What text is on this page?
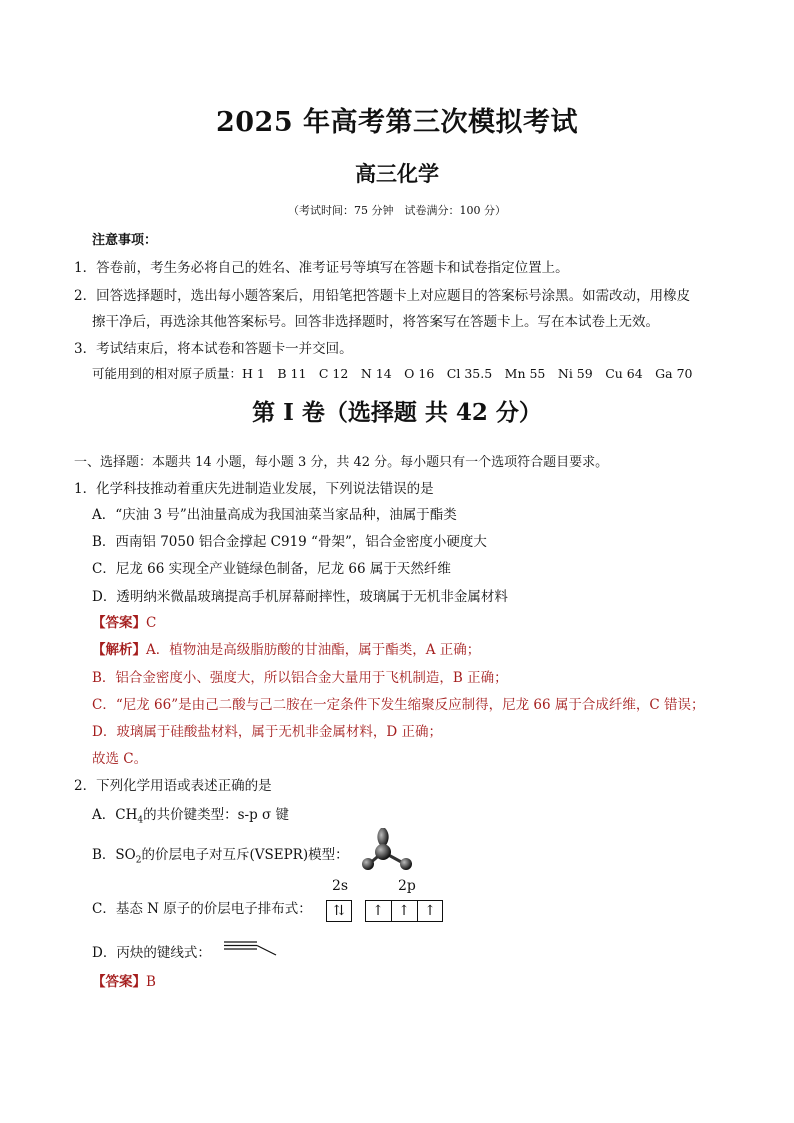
2025 年高考第三次模拟考试
高三化学
（考试时间：75 分钟　试卷满分：100 分）
注意事项：
1．答卷前，考生务必将自己的姓名、准考证号等填写在答题卡和试卷指定位置上。
2．回答选择题时，选出每小题答案后，用铅笔把答题卡上对应题目的答案标号涂黑。如需改动，用橡皮
擦干净后，再选涂其他答案标号。回答非选择题时，将答案写在答题卡上。写在本试卷上无效。
3．考试结束后，将本试卷和答题卡一并交回。
可能用到的相对原子质量：H 1　B 11　C 12　N 14　O 16　Cl 35.5　Mn 55　Ni 59　Cu 64　Ga 70
第 I 卷（选择题 共 42 分）
一、选择题：本题共 14 小题，每小题 3 分，共 42 分。每小题只有一个选项符合题目要求。
1．化学科技推动着重庆先进制造业发展，下列说法错误的是
A．“庆油 3 号”出油量高成为我国油菜当家品种，油属于酯类
B．西南铝 7050 铝合金撑起 C919 “骨架”，铝合金密度小硬度大
C．尼龙 66 实现全产业链绿色制备，尼龙 66 属于天然纤维
D．透明纳米微晶玻璃提高手机屏幕耐摔性，玻璃属于无机非金属材料
【答案】C
【解析】A．植物油是高级脂肪酸的甘油酯，属于酯类，A 正确；
B．铝合金密度小、强度大，所以铝合金大量用于飞机制造，B 正确；
C．“尼龙 66”是由己二酸与己二胺在一定条件下发生缩聚反应制得，尼龙 66 属于合成纤维，C 错误；
D．玻璃属于硅酸盐材料，属于无机非金属材料，D 正确；
故选 C。
2．下列化学用语或表述正确的是
A．$CH_4$的共价键类型：s-p σ 键
B．$SO_2$的价层电子对互斥(VSEPR)模型：
C．基态 N 原子的价层电子排布式：
2s	2p
⇅	↑	↑	↑
D．丙炔的键线式：
【答案】B
